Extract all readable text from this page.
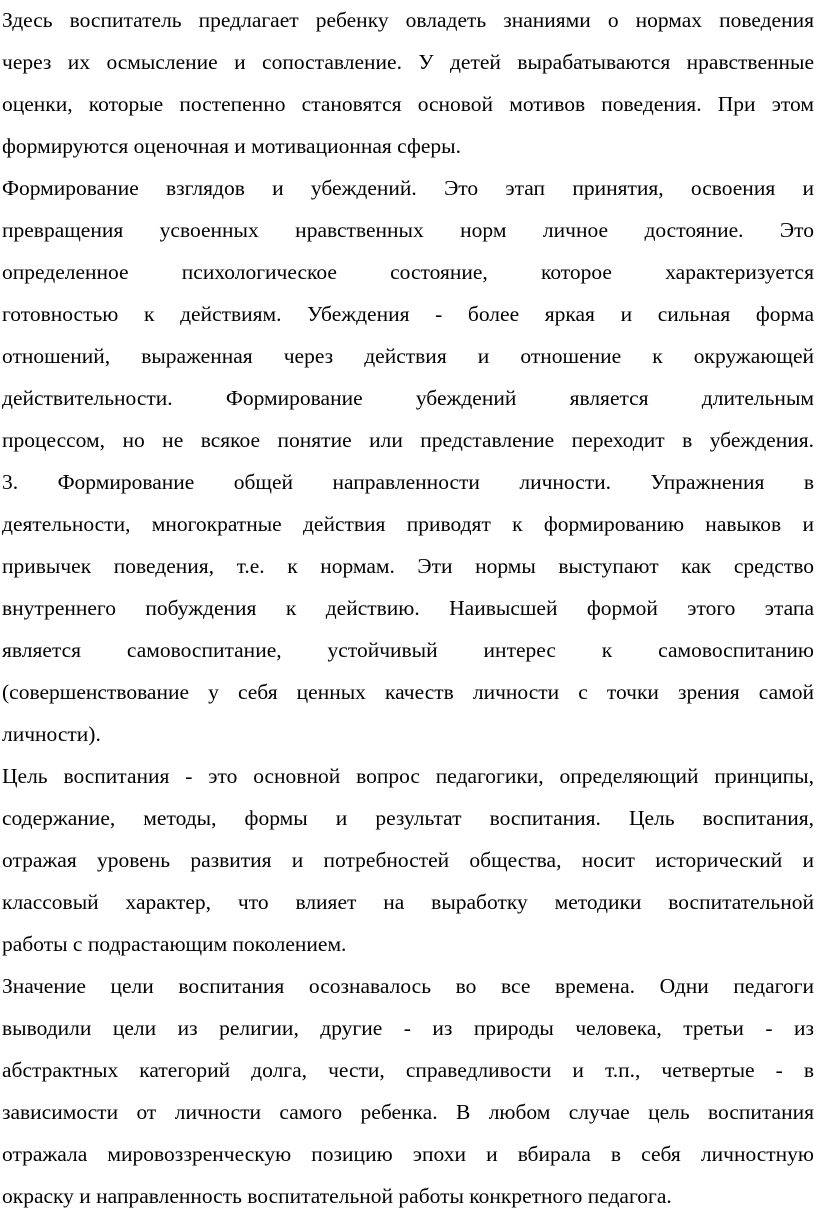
Здесь воспитатель предлагает ребенку овладеть знаниями о нормах поведения
через их осмысление и сопоставление. У детей вырабатываются нравственные
оценки, которые постепенно становятся основой мотивов поведения. При этом
формируются оценочная и мотивационная сферы.
Формирование взглядов и убеждений. Это этап принятия, освоения и
превращения усвоенных нравственных норм личное достояние. Это
определенное психологическое состояние, которое характеризуется
готовностью к действиям. Убеждения - более яркая и сильная форма
отношений, выраженная через действия и отношение к окружающей
действительности. Формирование убеждений является длительным
процессом, но не всякое понятие или представление переходит в убеждения.
3. Формирование общей направленности личности. Упражнения в
деятельности, многократные действия приводят к формированию навыков и
привычек поведения, т.е. к нормам. Эти нормы выступают как средство
внутреннего побуждения к действию. Наивысшей формой этого этапа
является самовоспитание, устойчивый интерес к самовоспитанию
(совершенствование у себя ценных качеств личности с точки зрения самой
личности).
Цель воспитания - это основной вопрос педагогики, определяющий принципы,
содержание, методы, формы и результат воспитания. Цель воспитания,
отражая уровень развития и потребностей общества, носит исторический и
классовый характер, что влияет на выработку методики воспитательной
работы с подрастающим поколением.
Значение цели воспитания осознавалось во все времена. Одни педагоги
выводили цели из религии, другие - из природы человека, третьи - из
абстрактных категорий долга, чести, справедливости и т.п., четвертые - в
зависимости от личности самого ребенка. В любом случае цель воспитания
отражала мировоззренческую позицию эпохи и вбирала в себя личностную
окраску и направленность воспитательной работы конкретного педагога.
